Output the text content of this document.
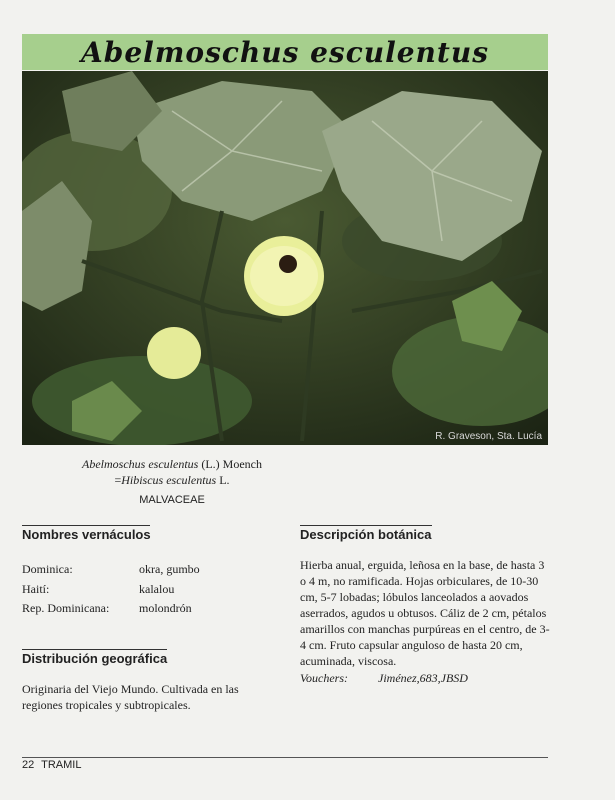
Abelmoschus esculentus
R. Graveson, Sta. Lucía
Abelmoschus esculentus (L.) Moench
=Hibiscus esculentus L.
MALVACEAE
Nombres vernáculos
Dominica:	okra, gumbo
Haití:	kalalou
Rep. Dominicana:	molondrón
Distribución geográfica

Originaria del Viejo Mundo. Cultivada en las regiones tropicales y subtropicales.

Descripción botánica

Hierba anual, erguida, leñosa en la base, de hasta 3 o 4 m, no ramificada. Hojas orbiculares, de 10-30 cm, 5-7 lobadas; lóbulos lanceolados a aovados aserrados, agudos u obtusos. Cáliz de 2 cm, pétalos amarillos con manchas purpúreas en el centro, de 3-4 cm. Fruto capsular anguloso de hasta 20 cm, acuminada, viscosa.

Vouchers:	Jiménez,683,JBSD
22 TRAMIL
